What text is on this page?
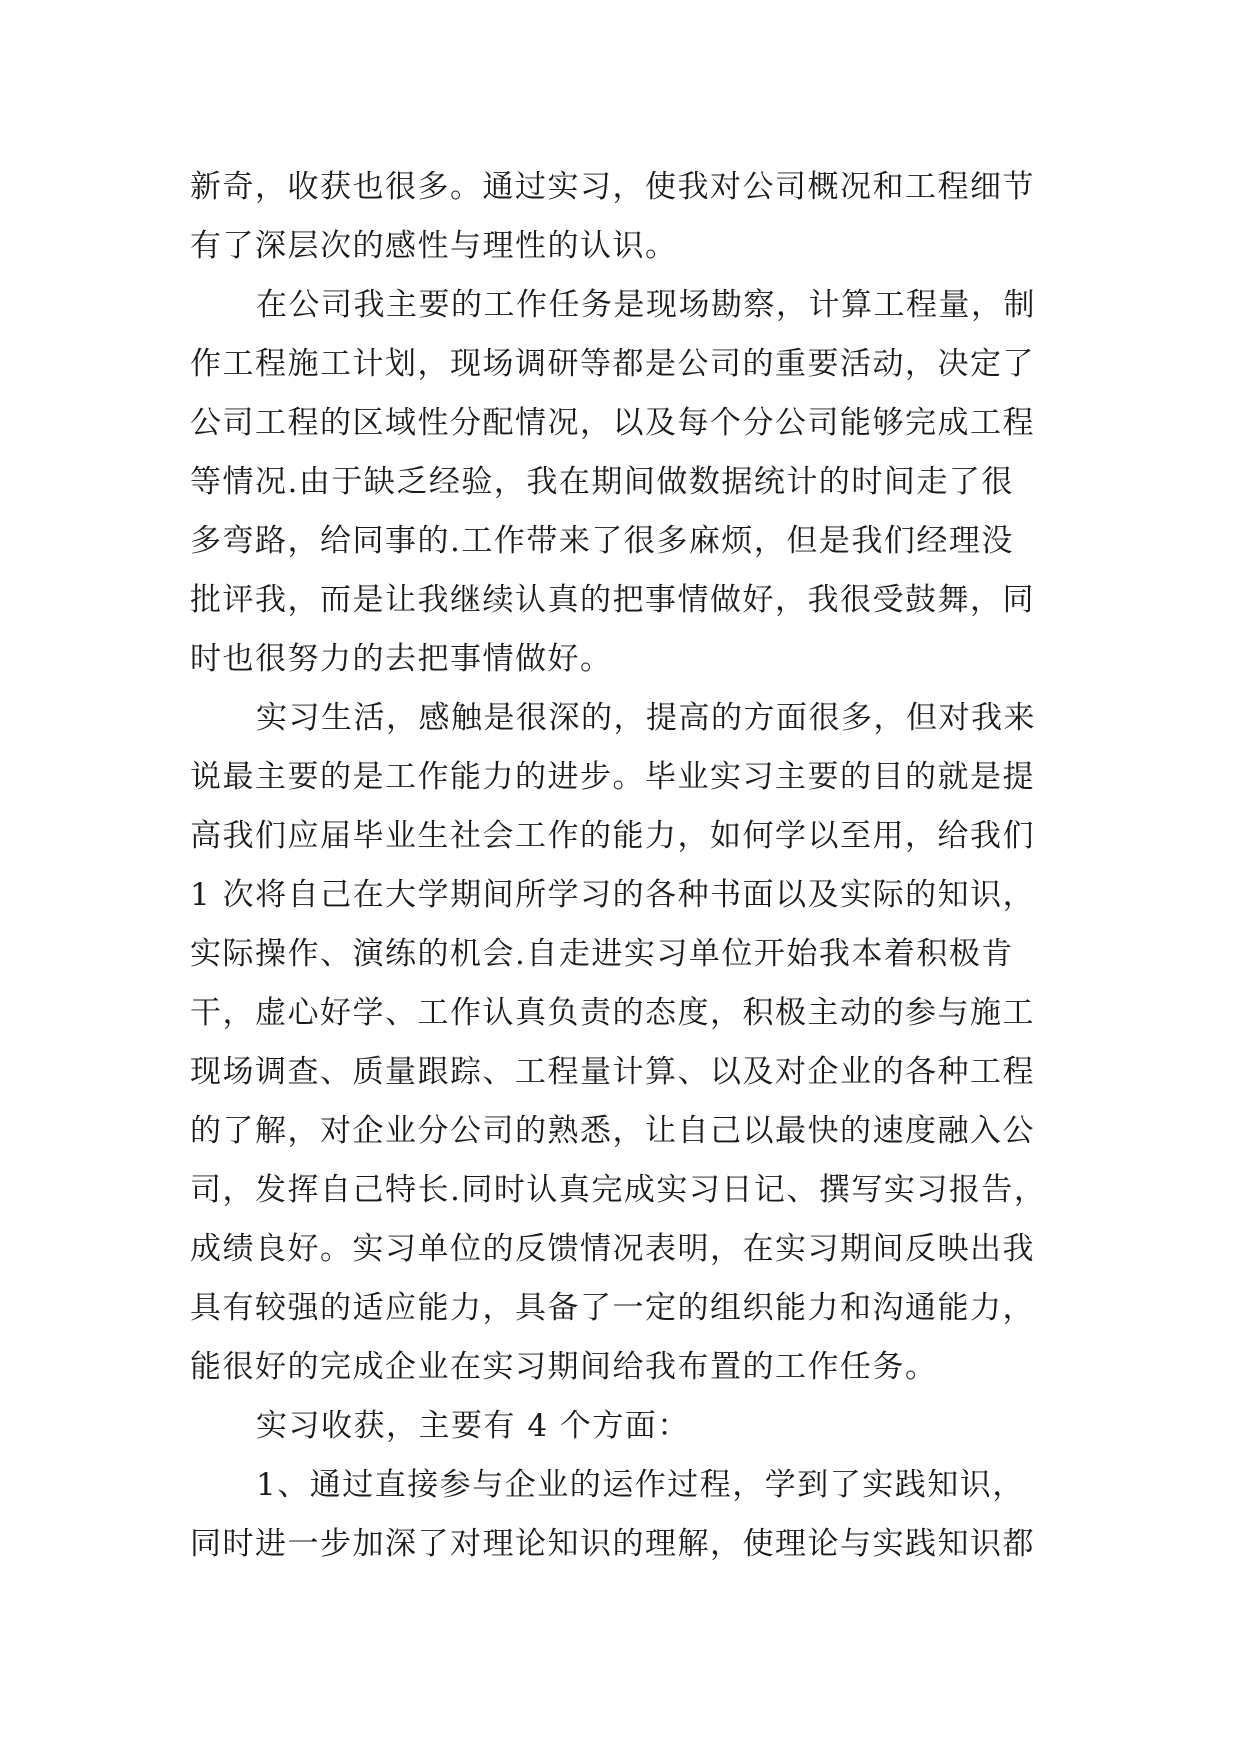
新奇，收获也很多。通过实习，使我对公司概况和工程细节
有了深层次的感性与理性的认识。
在公司我主要的工作任务是现场勘察，计算工程量，制
作工程施工计划，现场调研等都是公司的重要活动，决定了
公司工程的区域性分配情况，以及每个分公司能够完成工程
等情况.由于缺乏经验，我在期间做数据统计的时间走了很
多弯路，给同事的.工作带来了很多麻烦，但是我们经理没
批评我，而是让我继续认真的把事情做好，我很受鼓舞，同
时也很努力的去把事情做好。
实习生活，感触是很深的，提高的方面很多，但对我来
说最主要的是工作能力的进步。毕业实习主要的目的就是提
高我们应届毕业生社会工作的能力，如何学以至用，给我们
1 次将自己在大学期间所学习的各种书面以及实际的知识，
实际操作、演练的机会.自走进实习单位开始我本着积极肯
干，虚心好学、工作认真负责的态度，积极主动的参与施工
现场调查、质量跟踪、工程量计算、以及对企业的各种工程
的了解，对企业分公司的熟悉，让自己以最快的速度融入公
司，发挥自己特长.同时认真完成实习日记、撰写实习报告，
成绩良好。实习单位的反馈情况表明，在实习期间反映出我
具有较强的适应能力，具备了一定的组织能力和沟通能力，
能很好的完成企业在实习期间给我布置的工作任务。
实习收获，主要有 4 个方面：
1、通过直接参与企业的运作过程，学到了实践知识，
同时进一步加深了对理论知识的理解，使理论与实践知识都
